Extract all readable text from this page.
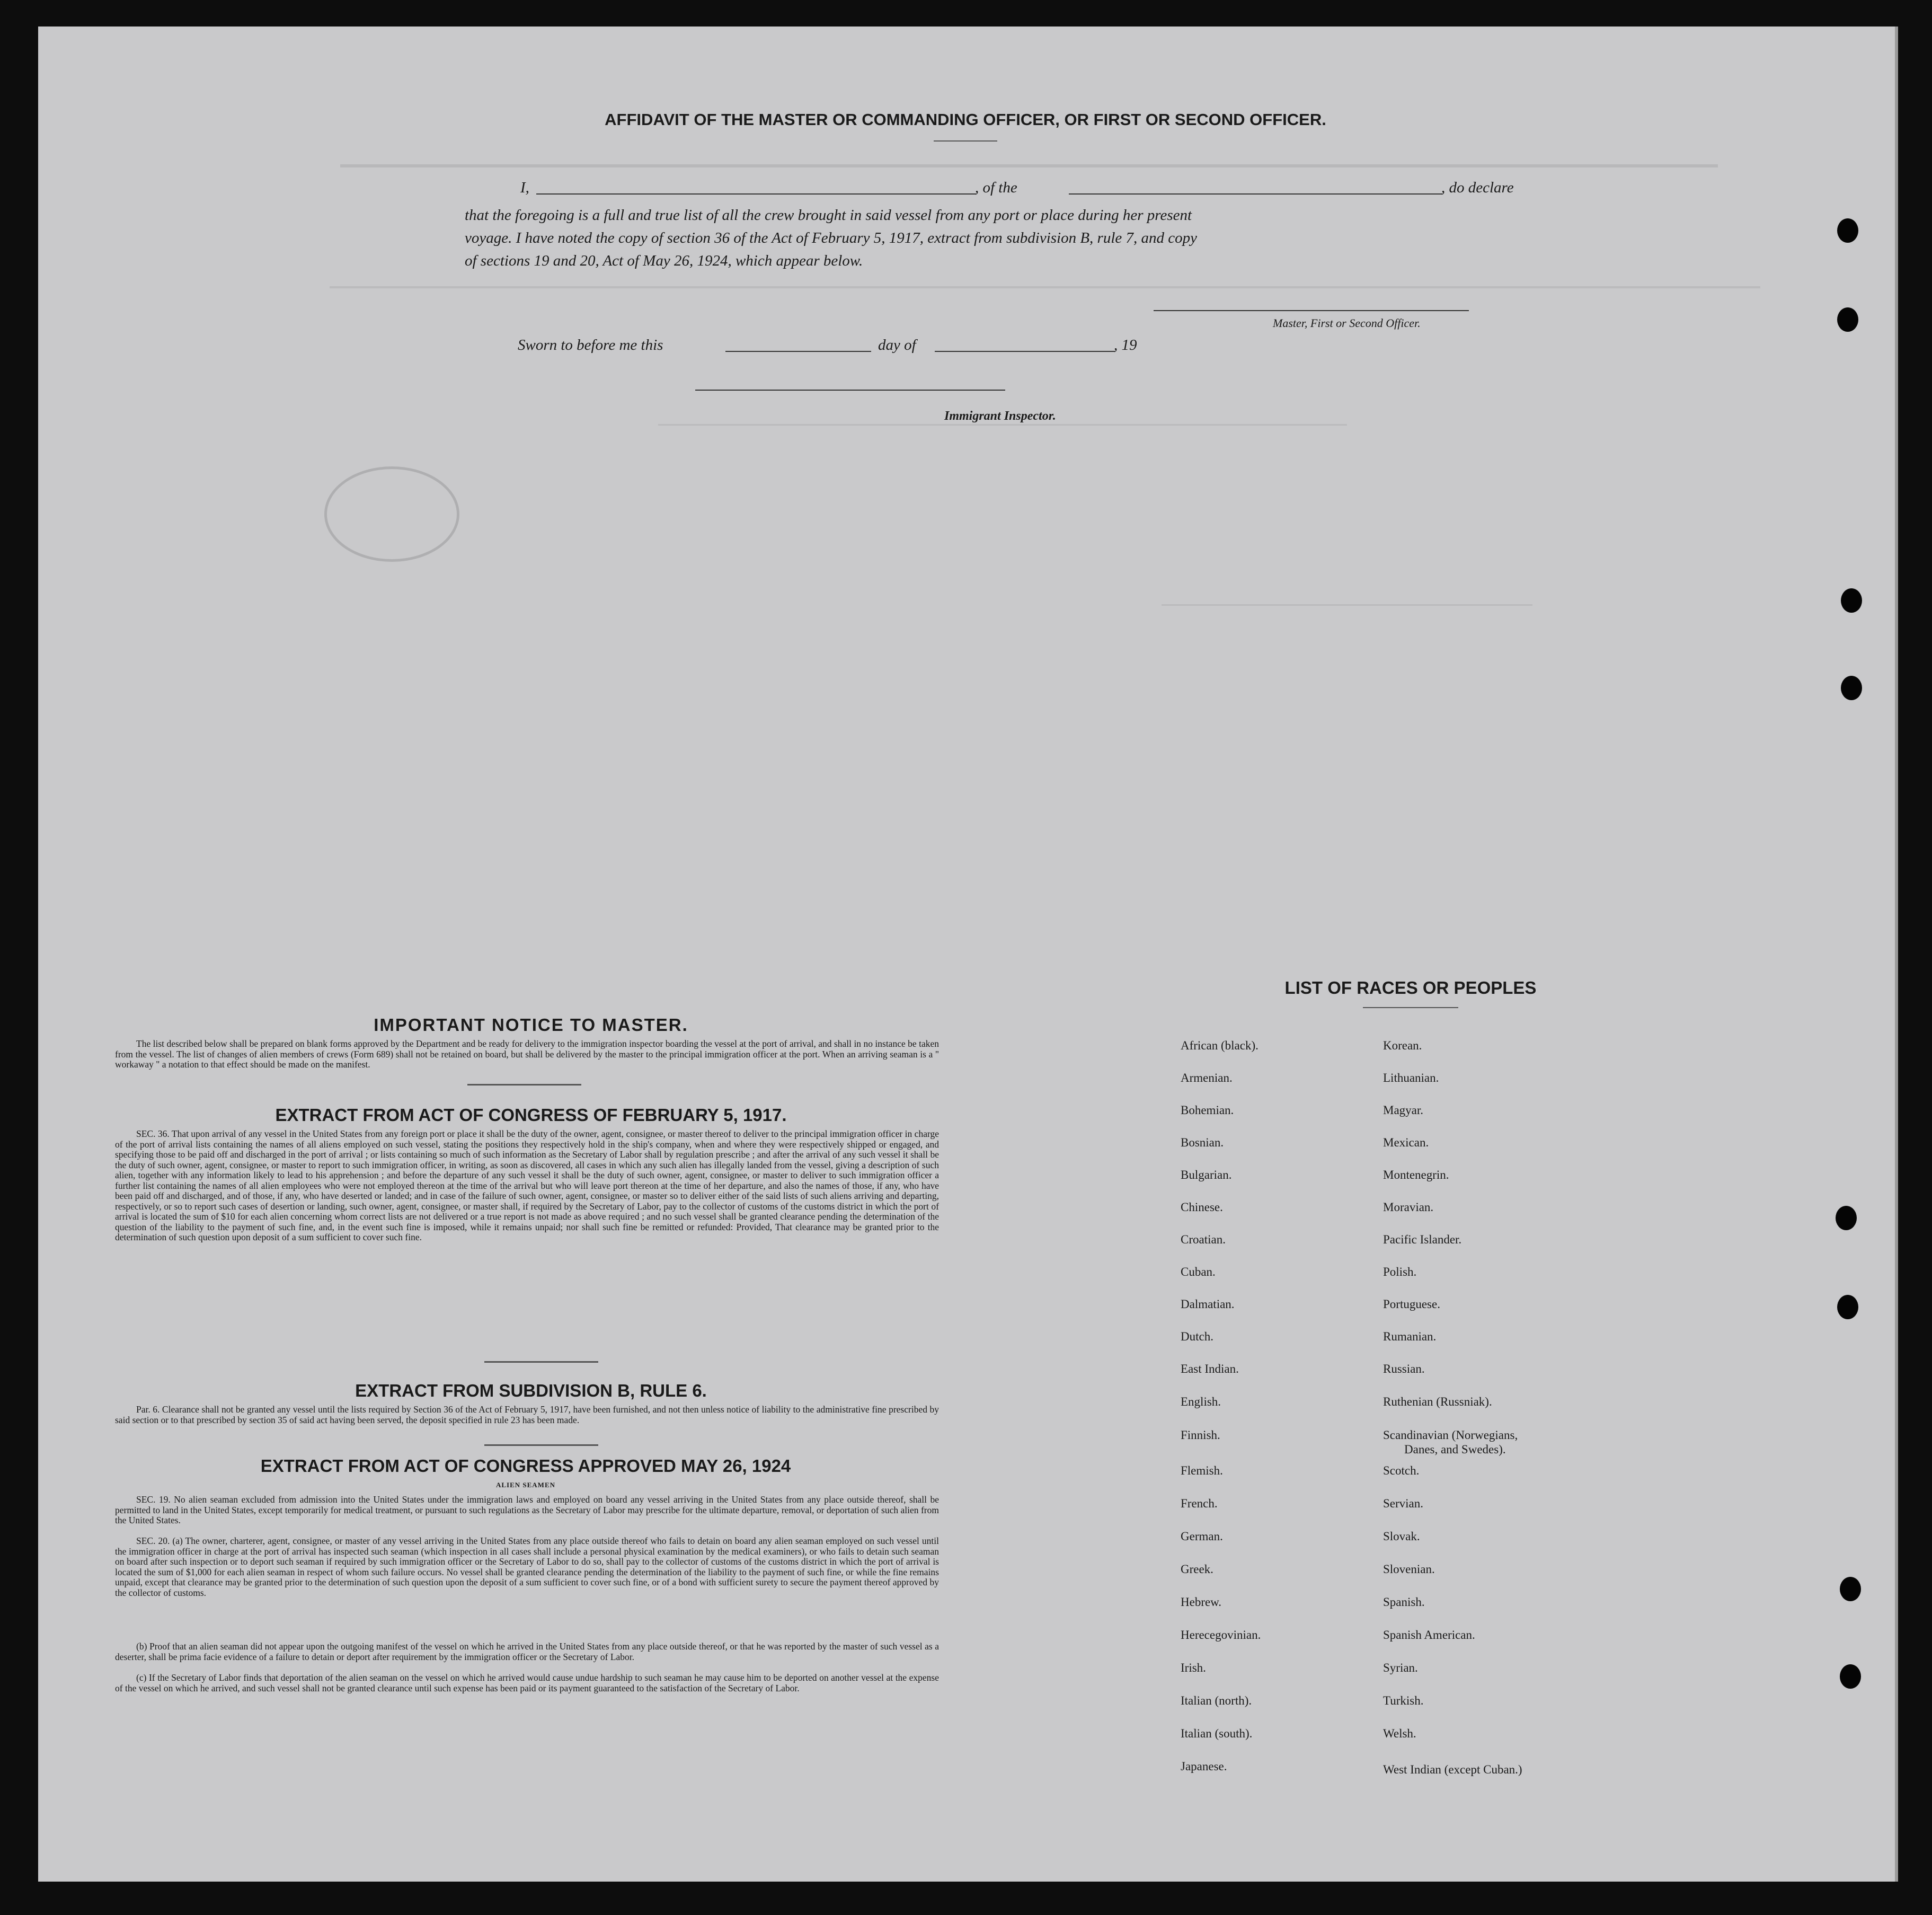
AFFIDAVIT OF THE MASTER OR COMMANDING OFFICER, OR FIRST OR SECOND OFFICER.
I,	, of the	, do declare
that the foregoing is a full and true list of all the crew brought in said vessel from any port or place during her present
voyage. I have noted the copy of section 36 of the Act of February 5, 1917, extract from subdivision B, rule 7, and copy
of sections 19 and 20, Act of May 26, 1924, which appear below.
Master, First or Second Officer.
Sworn to before me this	day of	, 19
Immigrant Inspector.
IMPORTANT NOTICE TO MASTER.
The list described below shall be prepared on blank forms approved by the Department and be ready for delivery to the immigration inspector boarding the vessel at the port of arrival, and shall in no instance be taken from the vessel. The list of changes of alien members of crews (Form 689) shall not be retained on board, but shall be delivered by the master to the principal immigration officer at the port. When an arriving seaman is a " workaway " a notation to that effect should be made on the manifest.
EXTRACT FROM ACT OF CONGRESS OF FEBRUARY 5, 1917.
SEC. 36. That upon arrival of any vessel in the United States from any foreign port or place it shall be the duty of the owner, agent, consignee, or master thereof to deliver to the principal immigration officer in charge of the port of arrival lists containing the names of all aliens employed on such vessel, stating the positions they respectively hold in the ship's company, when and where they were respectively shipped or engaged, and specifying those to be paid off and discharged in the port of arrival ; or lists containing so much of such information as the Secretary of Labor shall by regulation prescribe ; and after the arrival of any such vessel it shall be the duty of such owner, agent, consignee, or master to report to such immigration officer, in writing, as soon as discovered, all cases in which any such alien has illegally landed from the vessel, giving a description of such alien, together with any information likely to lead to his apprehension ; and before the departure of any such vessel it shall be the duty of such owner, agent, consignee, or master to deliver to such immigration officer a further list containing the names of all alien employees who were not employed thereon at the time of the arrival but who will leave port thereon at the time of her departure, and also the names of those, if any, who have been paid off and discharged, and of those, if any, who have deserted or landed; and in case of the failure of such owner, agent, consignee, or master so to deliver either of the said lists of such aliens arriving and departing, respectively, or so to report such cases of desertion or landing, such owner, agent, consignee, or master shall, if required by the Secretary of Labor, pay to the collector of customs of the customs district in which the port of arrival is located the sum of $10 for each alien concerning whom correct lists are not delivered or a true report is not made as above required ; and no such vessel shall be granted clearance pending the determination of the question of the liability to the payment of such fine, and, in the event such fine is imposed, while it remains unpaid; nor shall such fine be remitted or refunded: Provided, That clearance may be granted prior to the determination of such question upon deposit of a sum sufficient to cover such fine.
EXTRACT FROM SUBDIVISION B, RULE 6.
Par. 6. Clearance shall not be granted any vessel until the lists required by Section 36 of the Act of February 5, 1917, have been furnished, and not then unless notice of liability to the administrative fine prescribed by said section or to that prescribed by section 35 of said act having been served, the deposit specified in rule 23 has been made.
EXTRACT FROM ACT OF CONGRESS APPROVED MAY 26, 1924
ALIEN SEAMEN
SEC. 19. No alien seaman excluded from admission into the United States under the immigration laws and employed on board any vessel arriving in the United States from any place outside thereof, shall be permitted to land in the United States, except temporarily for medical treatment, or pursuant to such regulations as the Secretary of Labor may prescribe for the ultimate departure, removal, or deportation of such alien from the United States.
SEC. 20. (a) The owner, charterer, agent, consignee, or master of any vessel arriving in the United States from any place outside thereof who fails to detain on board any alien seaman employed on such vessel until the immigration officer in charge at the port of arrival has inspected such seaman (which inspection in all cases shall include a personal physical examination by the medical examiners), or who fails to detain such seaman on board after such inspection or to deport such seaman if required by such immigration officer or the Secretary of Labor to do so, shall pay to the collector of customs of the customs district in which the port of arrival is located the sum of $1,000 for each alien seaman in respect of whom such failure occurs. No vessel shall be granted clearance pending the determination of the liability to the payment of such fine, or while the fine remains unpaid, except that clearance may be granted prior to the determination of such question upon the deposit of a sum sufficient to cover such fine, or of a bond with sufficient surety to secure the payment thereof approved by the collector of customs.
(b) Proof that an alien seaman did not appear upon the outgoing manifest of the vessel on which he arrived in the United States from any place outside thereof, or that he was reported by the master of such vessel as a deserter, shall be prima facie evidence of a failure to detain or deport after requirement by the immigration officer or the Secretary of Labor.
(c) If the Secretary of Labor finds that deportation of the alien seaman on the vessel on which he arrived would cause undue hardship to such seaman he may cause him to be deported on another vessel at the expense of the vessel on which he arrived, and such vessel shall not be granted clearance until such expense has been paid or its payment guaranteed to the satisfaction of the Secretary of Labor.
LIST OF RACES OR PEOPLES
African (black).
Armenian.
Bohemian.
Bosnian.
Bulgarian.
Chinese.
Croatian.
Cuban.
Dalmatian.
Dutch.
East Indian.
English.
Finnish.
Flemish.
French.
German.
Greek.
Hebrew.
Herecegovinian.
Irish.
Italian (north).
Italian (south).
Japanese.
Korean.
Lithuanian.
Magyar.
Mexican.
Montenegrin.
Moravian.
Pacific Islander.
Polish.
Portuguese.
Rumanian.
Russian.
Ruthenian (Russniak).
Scandinavian (Norwegians,
Danes, and Swedes).
Scotch.
Servian.
Slovak.
Slovenian.
Spanish.
Spanish American.
Syrian.
Turkish.
Welsh.
West Indian (except Cuban.)
